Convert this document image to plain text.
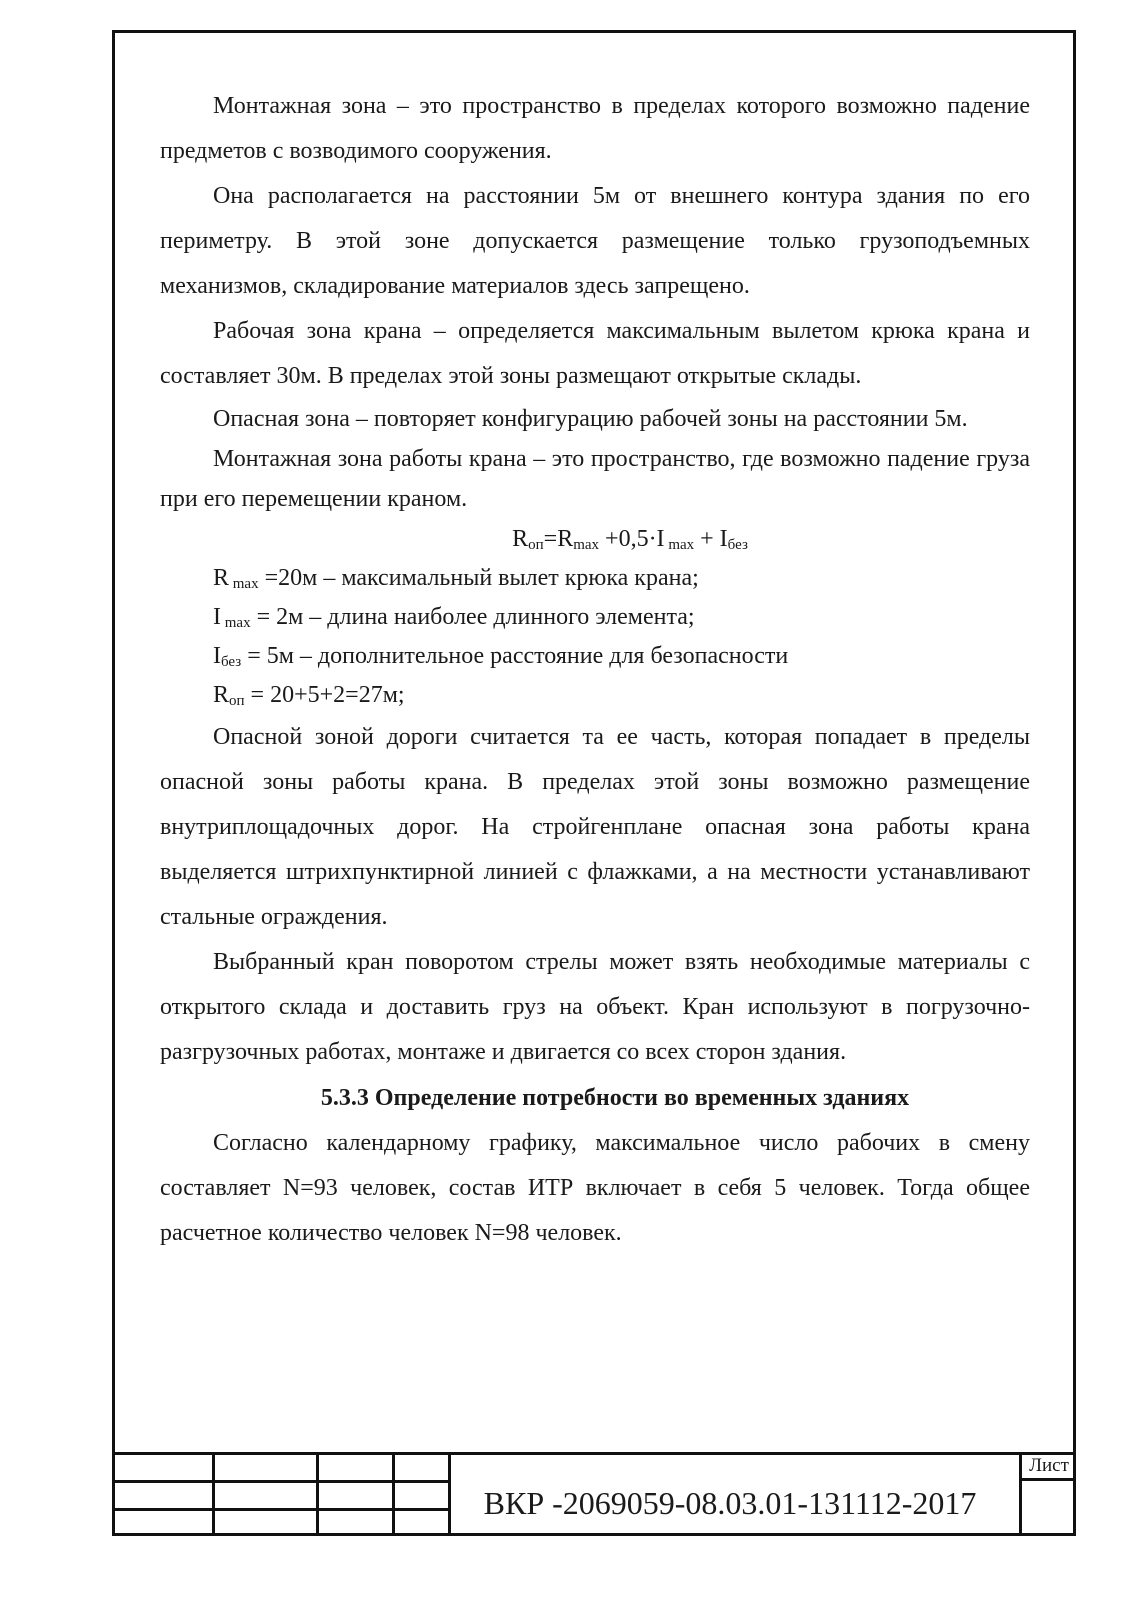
Монтажная зона – это пространство в пределах которого возможно падение предметов с возводимого сооружения.

Она располагается на расстоянии 5м от внешнего контура здания по его периметру. В этой зоне допускается размещение только грузоподъемных механизмов, складирование материалов здесь запрещено.

Рабочая зона крана – определяется максимальным вылетом крюка крана и составляет 30м. В пределах этой зоны размещают открытые склады.

Опасная зона – повторяет конфигурацию рабочей зоны на расстоянии 5м.

Монтажная зона работы крана – это пространство, где возможно падение груза при его перемещении краном.

$R_{оп}=R_{max} +0,5\cdot I$ $_{max} + I_{без}$

R $_{max}$ =20м – максимальный вылет крюка крана;

I $_{max}$ = 2м – длина наиболее длинного элемента;

$I_{без} = 5м$ – дополнительное расстояние для безопасности

$R_{оп} = 20+5+2=27м$;

Опасной зоной дороги считается та ее часть, которая попадает в пределы опасной зоны работы крана. В пределах этой зоны возможно размещение внутриплощадочных дорог. На стройгенплане опасная зона работы крана выделяется штрихпунктирной линией с флажками, а на местности устанавливают стальные ограждения.

Выбранный кран поворотом стрелы может взять необходимые материалы с открытого склада и доставить груз на объект. Кран используют в погрузочно-разгрузочных работах, монтаже и двигается со всех сторон здания.

5.3.3 Определение потребности во временных зданиях

Согласно календарному графику, максимальное число рабочих в смену составляет N=93 человек, состав ИТР включает в себя 5 человек. Тогда общее расчетное количество человек N=98 человек.

ВКР -2069059-08.03.01-131112-2017
Лист
